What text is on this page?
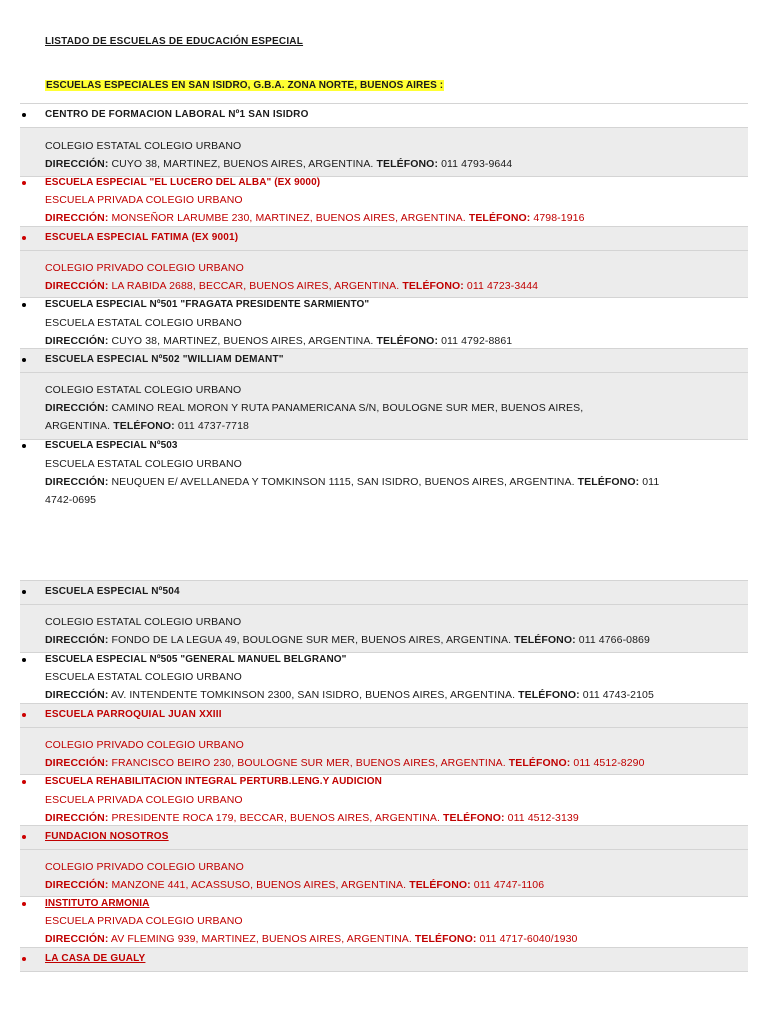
LISTADO DE ESCUELAS DE EDUCACIÓN ESPECIAL
ESCUELAS ESPECIALES EN SAN ISIDRO, G.B.A. ZONA NORTE, BUENOS AIRES :
CENTRO DE FORMACION LABORAL Nº1 SAN ISIDRO
COLEGIO ESTATAL COLEGIO URBANO
DIRECCIÓN: CUYO 38, MARTINEZ, BUENOS AIRES, ARGENTINA. TELÉFONO: 011 4793-9644
ESCUELA ESPECIAL "EL LUCERO DEL ALBA" (EX 9000)
ESCUELA PRIVADA COLEGIO URBANO
DIRECCIÓN: MONSEÑOR LARUMBE 230, MARTINEZ, BUENOS AIRES, ARGENTINA. TELÉFONO: 4798-1916
ESCUELA ESPECIAL FATIMA (EX 9001)
COLEGIO PRIVADO COLEGIO URBANO
DIRECCIÓN: LA RABIDA 2688, BECCAR, BUENOS AIRES, ARGENTINA. TELÉFONO: 011 4723-3444
ESCUELA ESPECIAL Nº501 "FRAGATA PRESIDENTE SARMIENTO"
ESCUELA ESTATAL COLEGIO URBANO
DIRECCIÓN: CUYO 38, MARTINEZ, BUENOS AIRES, ARGENTINA. TELÉFONO: 011 4792-8861
ESCUELA ESPECIAL Nº502 "WILLIAM DEMANT"
COLEGIO ESTATAL COLEGIO URBANO
DIRECCIÓN: CAMINO REAL MORON Y RUTA PANAMERICANA S/N, BOULOGNE SUR MER, BUENOS AIRES,
ARGENTINA. TELÉFONO: 011 4737-7718
ESCUELA ESPECIAL Nº503
ESCUELA ESTATAL COLEGIO URBANO
DIRECCIÓN: NEUQUEN E/ AVELLANEDA Y TOMKINSON 1115, SAN ISIDRO, BUENOS AIRES, ARGENTINA. TELÉFONO: 011
4742-0695
ESCUELA ESPECIAL Nº504
COLEGIO ESTATAL COLEGIO URBANO
DIRECCIÓN: FONDO DE LA LEGUA 49, BOULOGNE SUR MER, BUENOS AIRES, ARGENTINA. TELÉFONO: 011 4766-0869
ESCUELA ESPECIAL Nº505 "GENERAL MANUEL BELGRANO"
ESCUELA ESTATAL COLEGIO URBANO
DIRECCIÓN: AV. INTENDENTE TOMKINSON 2300, SAN ISIDRO, BUENOS AIRES, ARGENTINA. TELÉFONO: 011 4743-2105
ESCUELA PARROQUIAL JUAN XXIII
COLEGIO PRIVADO COLEGIO URBANO
DIRECCIÓN: FRANCISCO BEIRO 230, BOULOGNE SUR MER, BUENOS AIRES, ARGENTINA. TELÉFONO: 011 4512-8290
ESCUELA REHABILITACION INTEGRAL PERTURB.LENG.Y AUDICION
ESCUELA PRIVADA COLEGIO URBANO
DIRECCIÓN: PRESIDENTE ROCA 179, BECCAR, BUENOS AIRES, ARGENTINA. TELÉFONO: 011 4512-3139
FUNDACION NOSOTROS
COLEGIO PRIVADO COLEGIO URBANO
DIRECCIÓN: MANZONE 441, ACASSUSO, BUENOS AIRES, ARGENTINA. TELÉFONO: 011 4747-1106
INSTITUTO ARMONIA
ESCUELA PRIVADA COLEGIO URBANO
DIRECCIÓN: AV FLEMING 939, MARTINEZ, BUENOS AIRES, ARGENTINA. TELÉFONO: 011 4717-6040/1930
LA CASA DE GUALY
